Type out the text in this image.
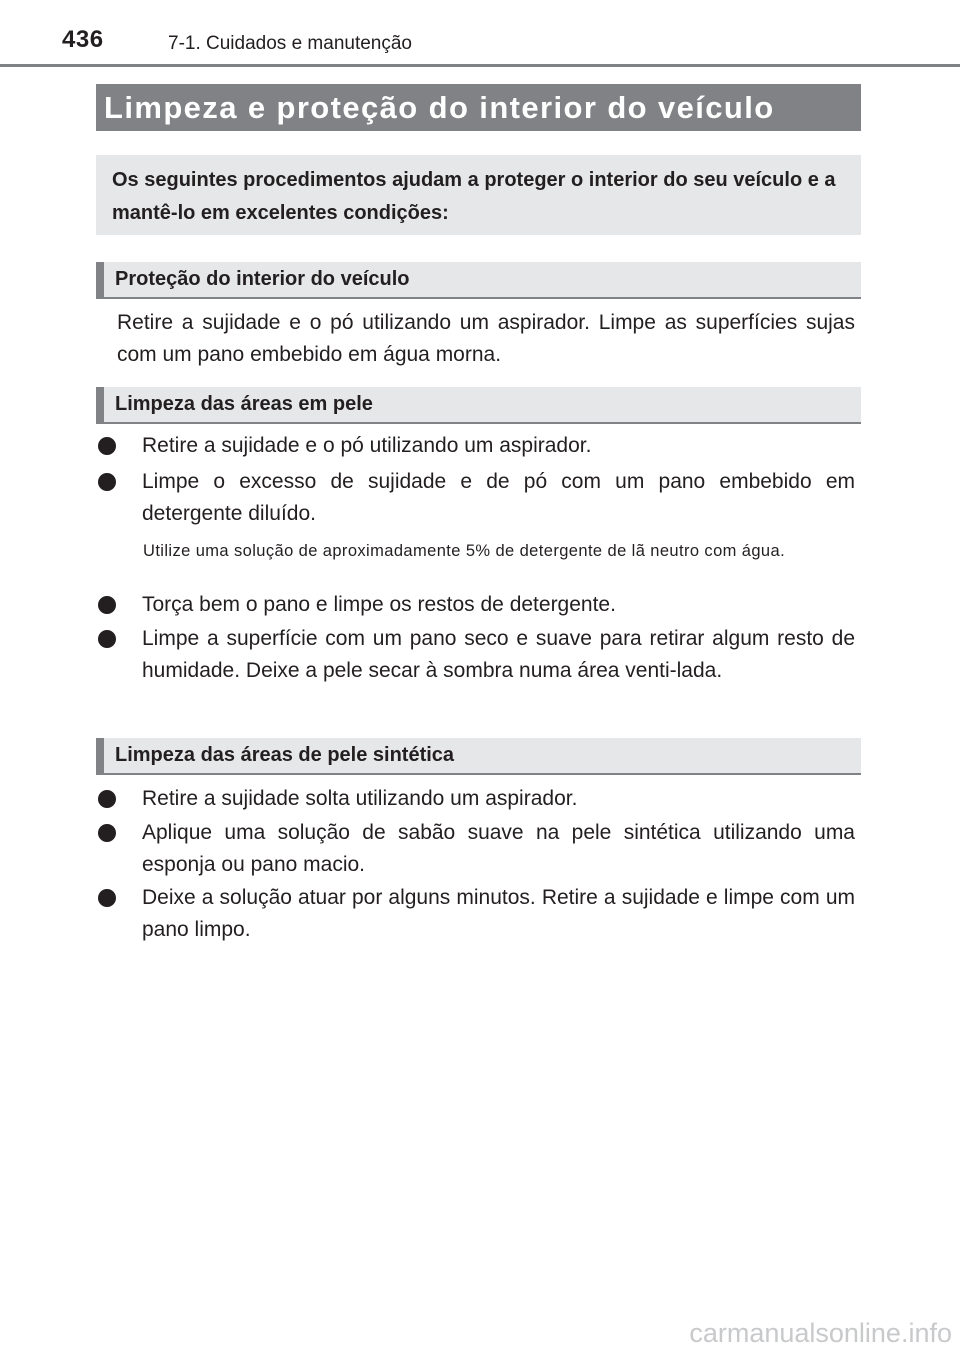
436	7-1. Cuidados e manutenção
Limpeza e proteção do interior do veículo
Os seguintes procedimentos ajudam a proteger o interior do seu veículo e a mantê-lo em excelentes condições:
Proteção do interior do veículo
Retire a sujidade e o pó utilizando um aspirador. Limpe as superfícies sujas com um pano embebido em água morna.
Limpeza das áreas em pele
Retire a sujidade e o pó utilizando um aspirador.
Limpe o excesso de sujidade e de pó com um pano embebido em detergente diluído.
Utilize uma solução de aproximadamente 5% de detergente de lã neutro com água.
Torça bem o pano e limpe os restos de detergente.
Limpe a superfície com um pano seco e suave para retirar algum resto de humidade. Deixe a pele secar à sombra numa área venti-lada.
Limpeza das áreas de pele sintética
Retire a sujidade solta utilizando um aspirador.
Aplique uma solução de sabão suave na pele sintética utilizando uma esponja ou pano macio.
Deixe a solução atuar por alguns minutos. Retire a sujidade e limpe com um pano limpo.
carmanualsonline.info
